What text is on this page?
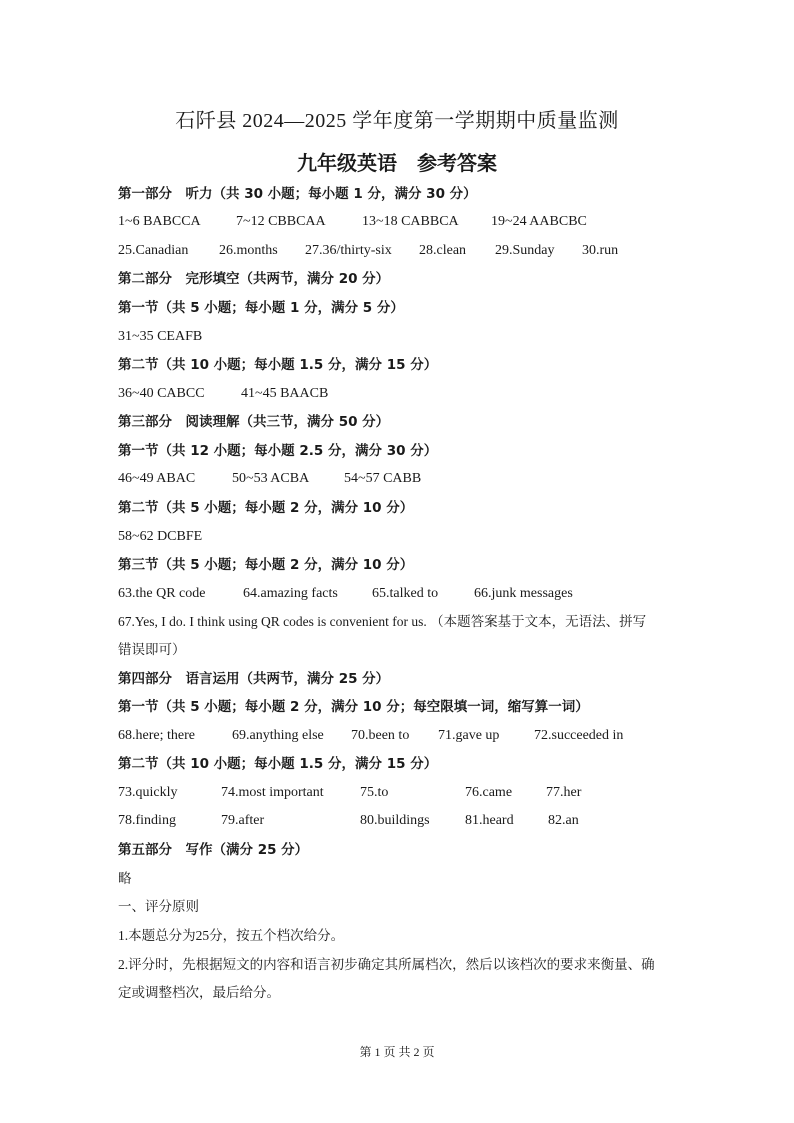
石阡县 2024—2025 学年度第一学期期中质量监测
九年级英语　参考答案
第一部分　听力（共 30 小题；每小题 1 分，满分 30 分）
1~6 BABCCA	7~12 CBBCAA	13~18 CABBCA 19~24 AABCBC
25.Canadian 26.months 27.36/thirty-six 28.clean 29.Sunday 30.run
第二部分　完形填空（共两节，满分 20 分）
第一节（共 5 小题；每小题 1 分，满分 5 分）
31~35 CEAFB
第二节（共 10 小题；每小题 1.5 分，满分 15 分）
36~40 CABCC	41~45 BAACB
第三部分　阅读理解（共三节，满分 50 分）
第一节（共 12 小题；每小题 2.5 分，满分 30 分）
46~49 ABAC	50~53 ACBA 54~57 CABB
第二节（共 5 小题；每小题 2 分，满分 10 分）
58~62 DCBFE
第三节（共 5 小题；每小题 2 分，满分 10 分）
63.the QR code	64.amazing facts 65.talked to	66.junk messages
67.Yes, I do. I think using QR codes is convenient for us. （本题答案基于文本，无语法、拼写
错误即可）
第四部分　语言运用（共两节，满分 25 分）
第一节（共 5 小题；每小题 2 分，满分 10 分；每空限填一词，缩写算一词）
68.here; there	69.anything else 70.been to 71.gave up 72.succeeded in
第二节（共 10 小题；每小题 1.5 分，满分 15 分）
73.quickly	74.most important	75.to	76.came 77.her
78.finding	79.after	80.buildings	81.heard 82.an
第五部分　写作（满分 25 分）
略
一、评分原则
1.本题总分为25分，按五个档次给分。
2.评分时，先根据短文的内容和语言初步确定其所属档次，然后以该档次的要求来衡量、确
定或调整档次，最后给分。
第 1 页 共 2 页
